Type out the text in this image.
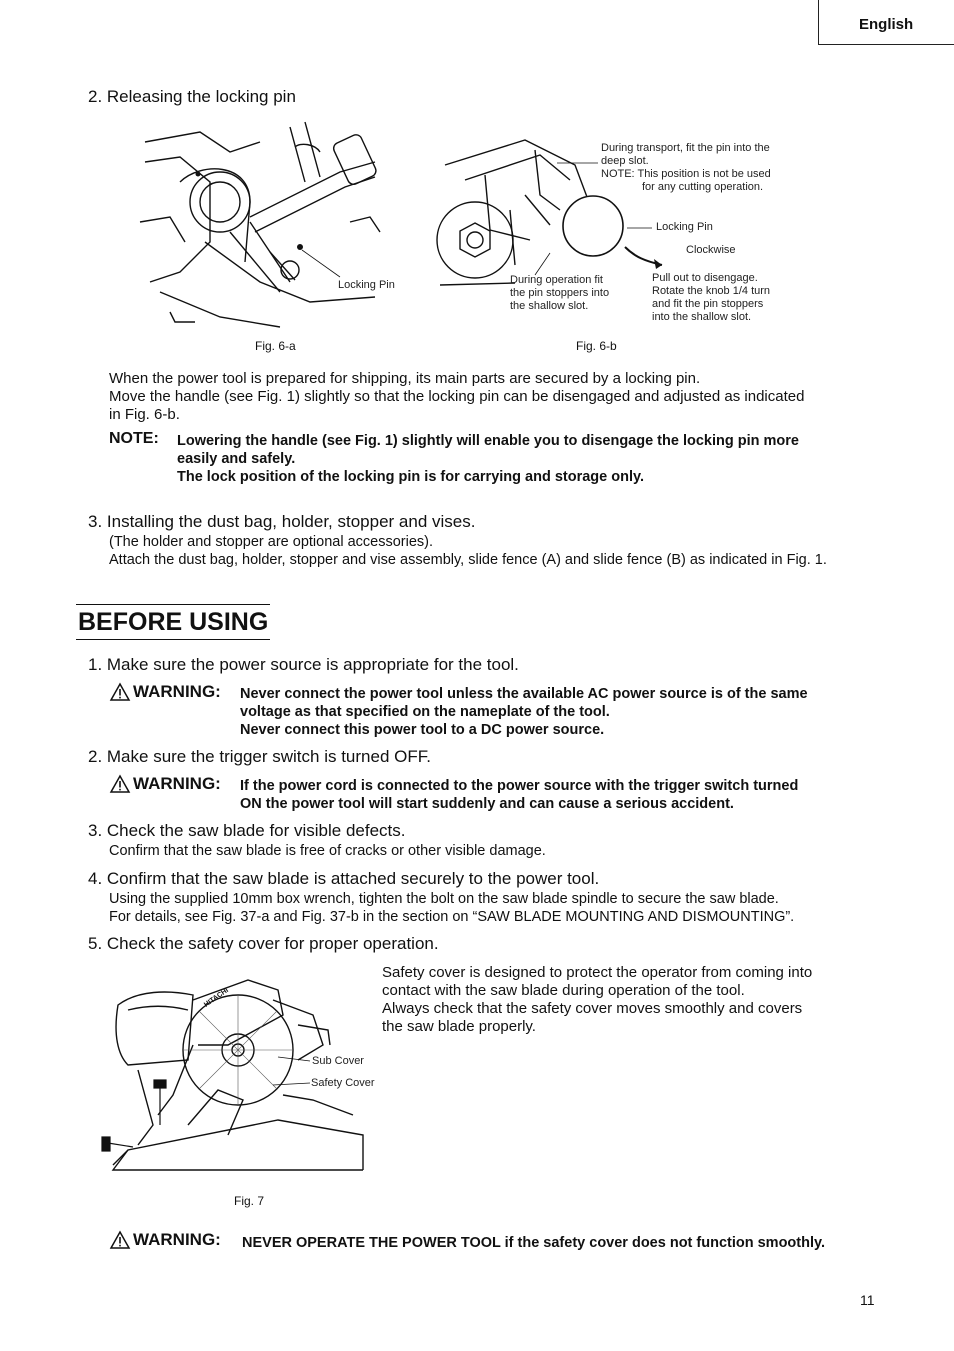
English
2. Releasing the locking pin
Locking Pin
Fig. 6-a
During transport, fit the pin into the
deep slot.
NOTE: This position is not be used
for any cutting operation.
Locking Pin
Clockwise
During operation fit
the pin stoppers into
the shallow slot.
Pull out to disengage.
Rotate the knob 1/4 turn
and fit the pin stoppers
into the shallow slot.
Fig. 6-b
When the power tool is prepared for shipping, its main parts are secured by a locking pin.
Move the handle (see Fig. 1) slightly so that the locking pin can be disengaged and adjusted as indicated
in Fig. 6-b.
NOTE: Lowering the handle (see Fig. 1) slightly will enable you to disengage the locking pin more
easily and safely.
The lock position of the locking pin is for carrying and storage only.
3. Installing the dust bag, holder, stopper and vises.
(The holder and stopper are optional accessories).
Attach the dust bag, holder, stopper and vise assembly, slide fence (A) and slide fence (B) as indicated in Fig. 1.
BEFORE USING
1. Make sure the power source is appropriate for the tool.
WARNING: Never connect the power tool unless the available AC power source is of the same
voltage as that specified on the nameplate of the tool.
Never connect this power tool to a DC power source.
2. Make sure the trigger switch is turned OFF.
WARNING: If the power cord is connected to the power source with the trigger switch turned
ON the power tool will start suddenly and can cause a serious accident.
3. Check the saw blade for visible defects.
Confirm that the saw blade is free of cracks or other visible damage.
4. Confirm that the saw blade is attached securely to the power tool.
Using the supplied 10mm box wrench, tighten the bolt on the saw blade spindle to secure the saw blade.
For details, see Fig. 37-a and Fig. 37-b in the section on “SAW BLADE MOUNTING AND DISMOUNTING”.
5. Check the safety cover for proper operation.
Safety cover is designed to protect the operator from coming into
contact with the saw blade during operation of the tool.
Always check that the safety cover moves smoothly and covers
the saw blade properly.
HITACHI
Sub Cover
Safety Cover
Fig. 7
WARNING: NEVER OPERATE THE POWER TOOL if the safety cover does not function smoothly.
11
